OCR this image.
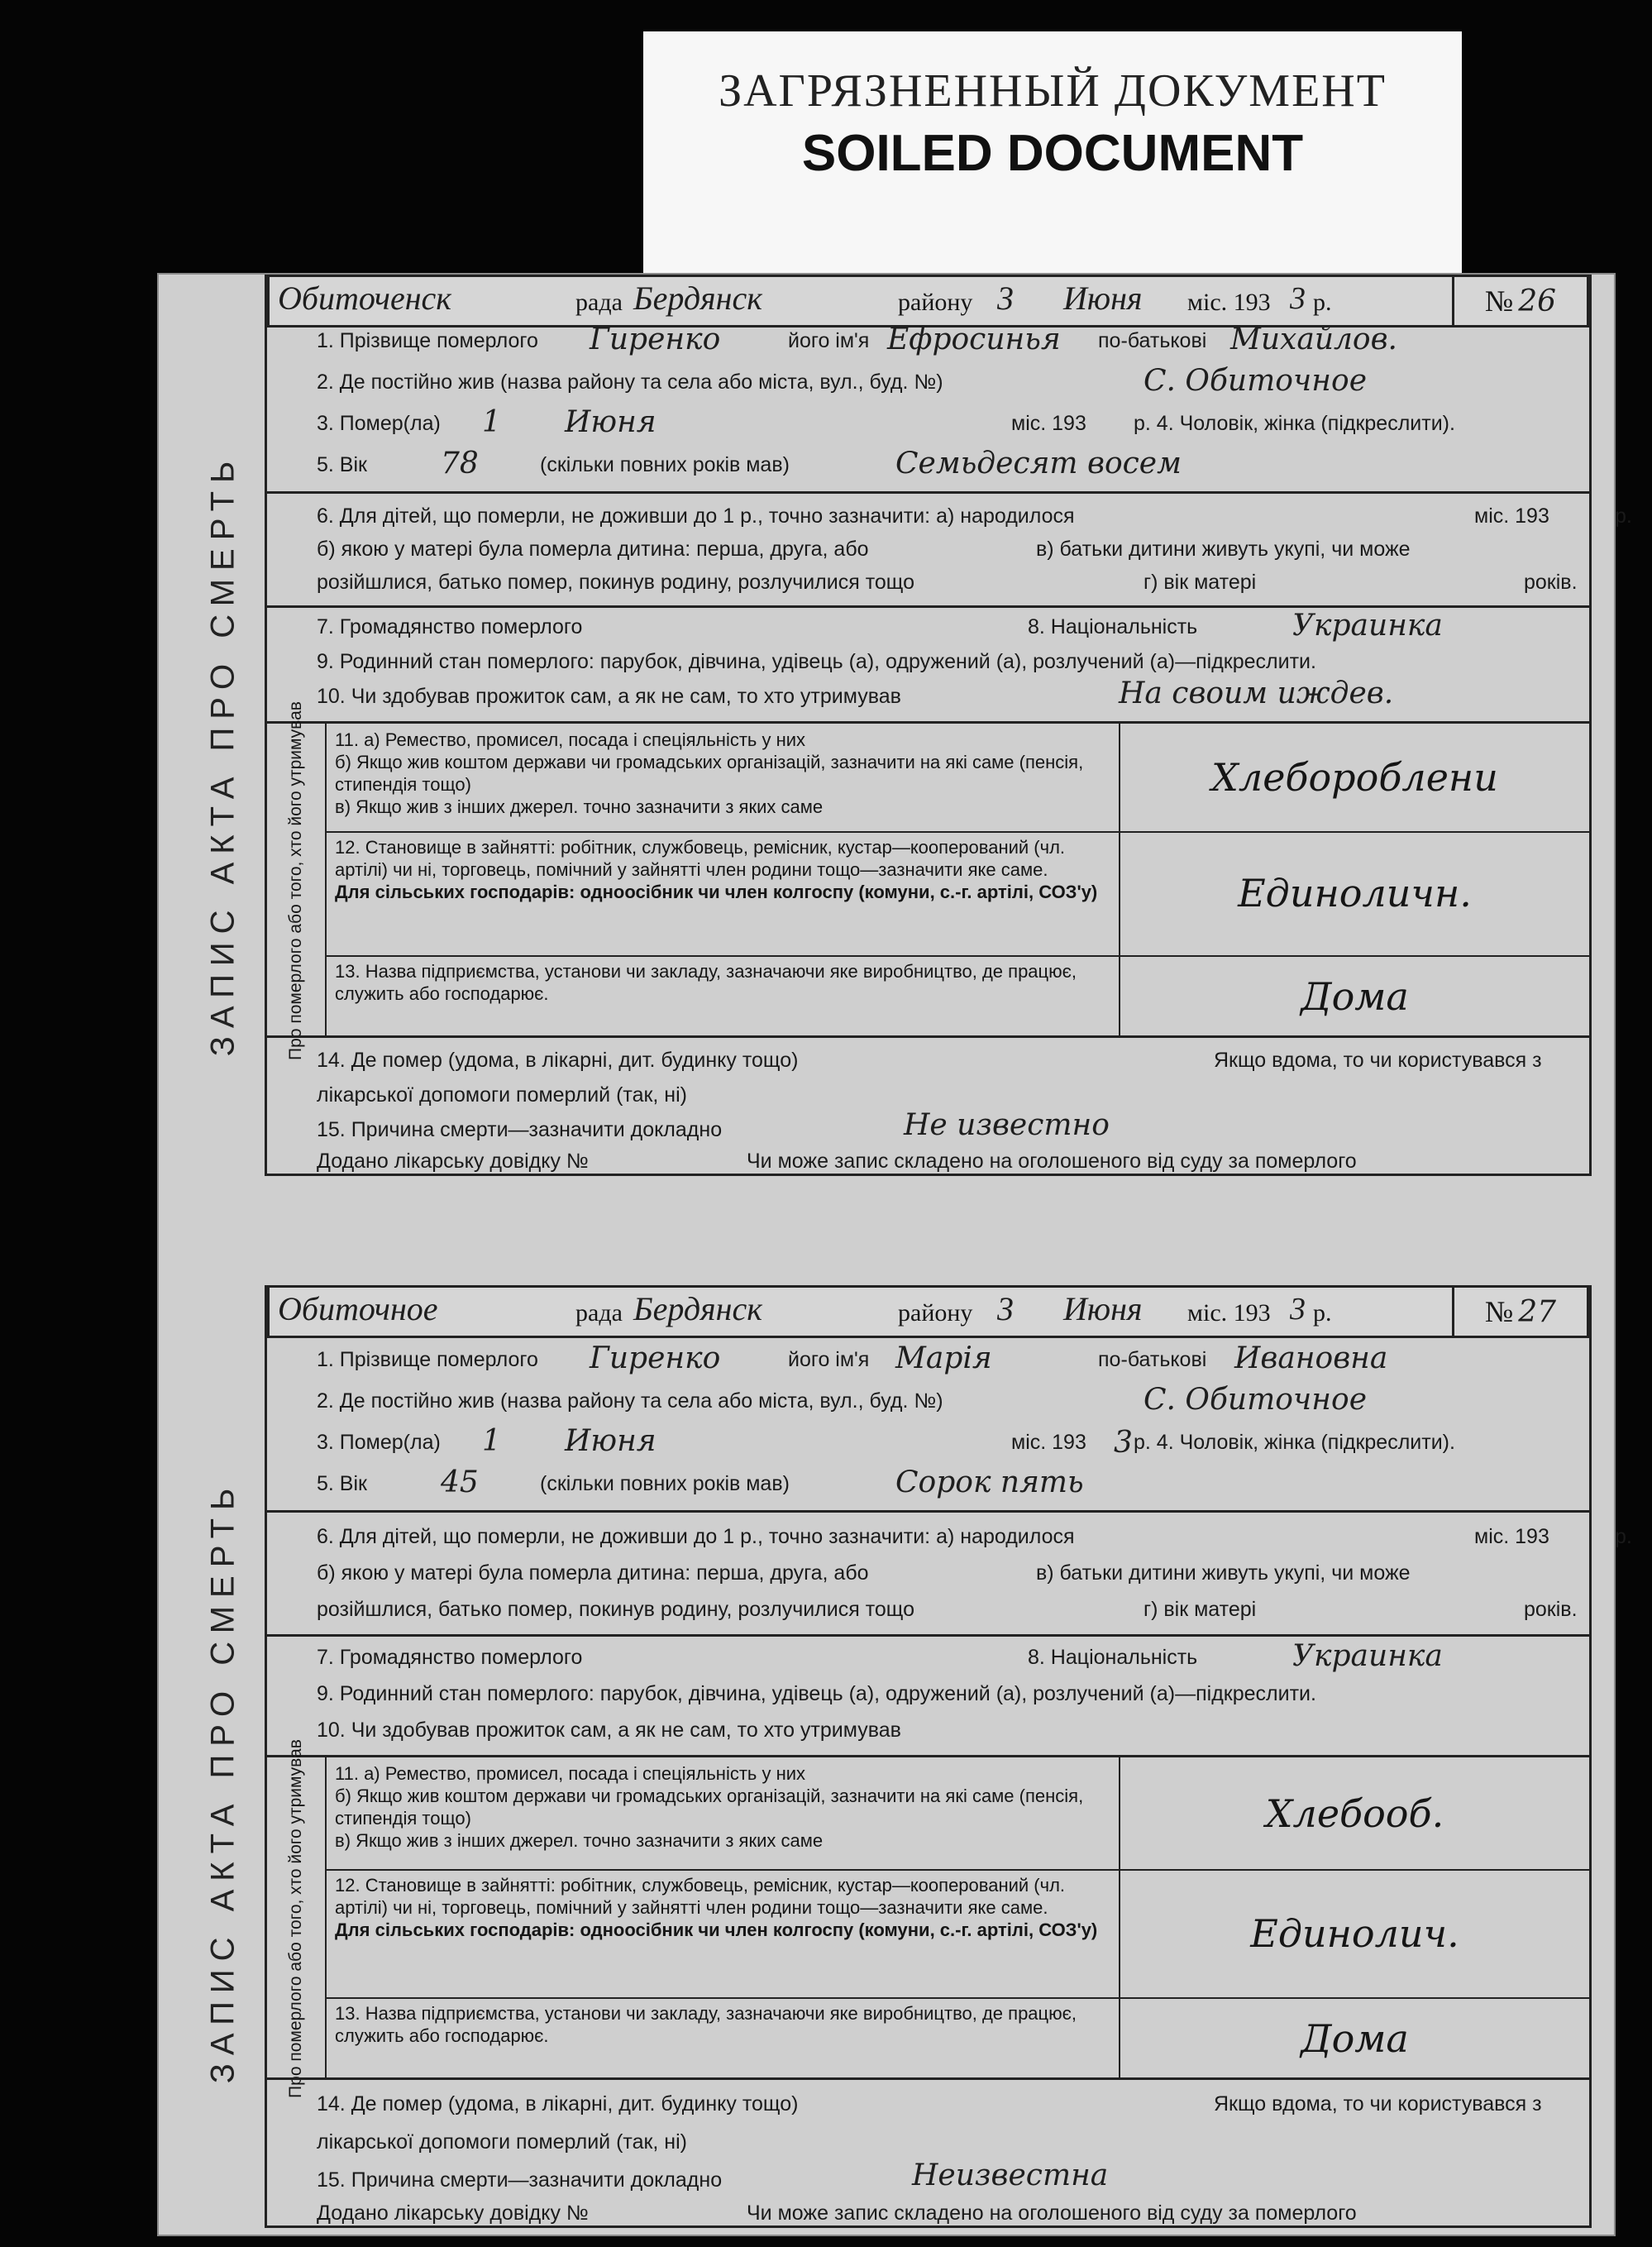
ЗАГРЯЗНЕННЫЙ ДОКУМЕНТ
SOILED DOCUMENT
ЗАПИС АКТА ПРО СМЕРТЬ
Обиточенск	рада Бердянск	району 3 Июня міс. 193 3 р.	№ 26
1. Прізвище померлого Гиренко	його ім'я Ефросинья по-батькові Михайлов.
2. Де постійно жив (назва району та села або міста, вул., буд. №)	С. Обиточное
3. Помер(ла) 1 Июня	міс. 193 р. 4. Чоловік, жінка (підкреслити).
5. Вік 78	(скільки повних років мав)	Семьдесят восем
6. Для дітей, що померли, не доживши до 1 р., точно зазначити: а) народилося	міс. 193	р.
б) якою у матері була померла дитина: перша, друга, або	в) батьки дитини живуть укупі, чи може
розійшлися, батько помер, покинув родину, розлучилися тощо	г) вік матері	років.
7. Громадянство померлого	8. Національність	Украинка
9. Родинний стан померлого: парубок, дівчина, удівець (а), одружений (а), розлучений (а)—підкреслити.
10. Чи здобував прожиток сам, а як не сам, то хто утримував	На своим иждев.
Про померлого або того, хто його утримував 11. а) Ремество, промисел, посада і спеціяльність у них
б) Якщо жив коштом держави чи громадських організацій, зазначити на які саме (пенсія, стипендія тощо)
в) Якщо жив з інших джерел. точно зазначити з яких саме
Хлебороблени
12. Становище в зайнятті: робітник, службовець, ремісник, кустар—кооперований (чл. артілі) чи ні, торговець, помічний у зайнятті член родини тощо—зазначити яке саме.
Для сільських господарів: одноосібник чи член колгоспу (комуни, с.-г. артілі, СОЗ'у)	Единоличн.
13. Назва підприємства, установи чи закладу, зазначаючи яке виробництво, де працює, служить або господарює.	Дома
14. Де помер (удома, в лікарні, дит. будинку тощо)	Якщо вдома, то чи користувався з
лікарської допомоги померлий (так, ні)
15. Причина смерти—зазначити докладно	Не известно
Додано лікарську довідку №	Чи може запис складено на оголошеного від суду за померлого
ЗАПИС АКТА ПРО СМЕРТЬ
Обиточное	рада Бердянск	району 3 Июня міс. 193 3 р.	№ 27
1. Прізвище померлого Гиренко	його ім'я Марія	по-батькові Ивановна
2. Де постійно жив (назва району та села або міста, вул., буд. №)	С. Обиточное
3. Помер(ла) 1 Июня	міс. 193 3 р. 4. Чоловік, жінка (підкреслити).
5. Вік 45	(скільки повних років мав)	Сорок пять
6. Для дітей, що померли, не доживши до 1 р., точно зазначити: а) народилося	міс. 193	р.
б) якою у матері була померла дитина: перша, друга, або	в) батьки дитини живуть укупі, чи може
розійшлися, батько помер, покинув родину, розлучилися тощо	г) вік матері	років.
7. Громадянство померлого	8. Національність	Украинка
9. Родинний стан померлого: парубок, дівчина, удівець (а), одружений (а), розлучений (а)—підкреслити.
10. Чи здобував прожиток сам, а як не сам, то хто утримував
Про померлого або того, хто його утримував 11. а) Ремество, промисел, посада і спеціяльність у них
б) Якщо жив коштом держави чи громадських організацій, зазначити на які саме (пенсія, стипендія тощо)
в) Якщо жив з інших джерел. точно зазначити з яких саме
Хлебооб.
12. Становище в зайнятті: робітник, службовець, ремісник, кустар—кооперований (чл. артілі) чи ні, торговець, помічний у зайнятті член родини тощо—зазначити яке саме.
Для сільських господарів: одноосібник чи член колгоспу (комуни, с.-г. артілі, СОЗ'у)	Единолич.
13. Назва підприємства, установи чи закладу, зазначаючи яке виробництво, де працює, служить або господарює.	Дома
14. Де помер (удома, в лікарні, дит. будинку тощо)	Якщо вдома, то чи користувався з
лікарської допомоги померлий (так, ні)
15. Причина смерти—зазначити докладно	Неизвестна
Додано лікарську довідку №	Чи може запис складено на оголошеного від суду за померлого
